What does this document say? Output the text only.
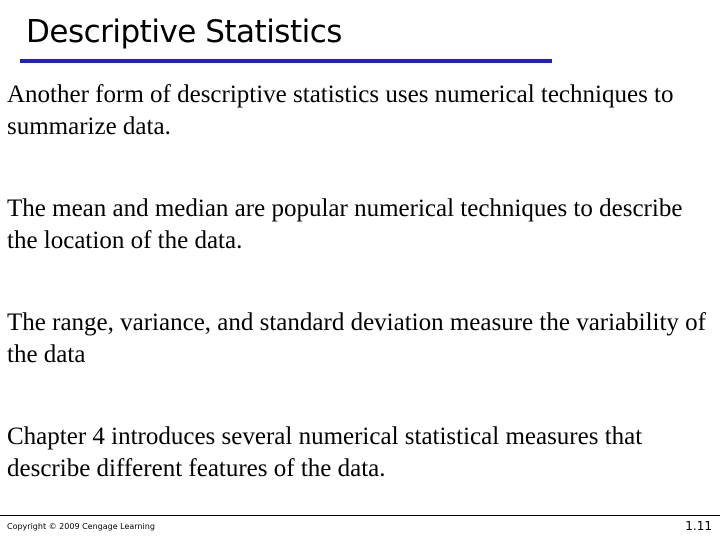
Descriptive Statistics

Another form of descriptive statistics uses numerical techniques to summarize data.

The mean and median are popular numerical techniques to describe the location of the data.

The range, variance, and standard deviation measure the variability of the data

Chapter 4 introduces several numerical statistical measures that describe different features of the data.

Copyright © 2009 Cengage Learning	1.11
